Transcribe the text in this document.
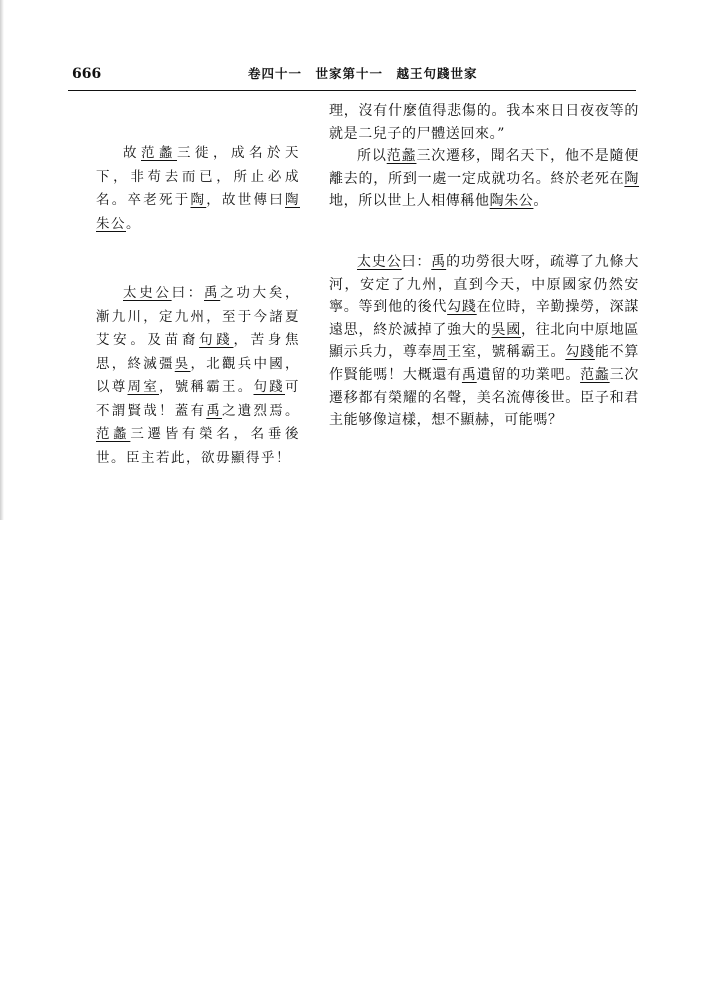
666	卷四十一　世家第十一　越王句踐世家

故范蠡三徙，成名於天下，非苟去而已，所止必成名。卒老死于陶，故世傳曰陶朱公。

太史公曰：禹之功大矣，漸九川，定九州，至于今諸夏艾安。及苗裔句踐，苦身焦思，終滅彊吳，北觀兵中國，以尊周室，號稱霸王。句踐可不謂賢哉！蓋有禹之遺烈焉。范蠡三遷皆有榮名，名垂後世。臣主若此，欲毋顯得乎！

理，沒有什麼值得悲傷的。我本來日日夜夜等的就是二兒子的尸體送回來。”

所以范蠡三次遷移，聞名天下，他不是隨便離去的，所到一處一定成就功名。終於老死在陶地，所以世上人相傳稱他陶朱公。

太史公曰：禹的功勞很大呀，疏導了九條大河，安定了九州，直到今天，中原國家仍然安寧。等到他的後代勾踐在位時，辛勤操勞，深謀遠思，終於滅掉了強大的吳國，往北向中原地區顯示兵力，尊奉周王室，號稱霸王。勾踐能不算作賢能嗎！大概還有禹遺留的功業吧。范蠡三次遷移都有榮耀的名聲，美名流傳後世。臣子和君主能够像這樣，想不顯赫，可能嗎？
